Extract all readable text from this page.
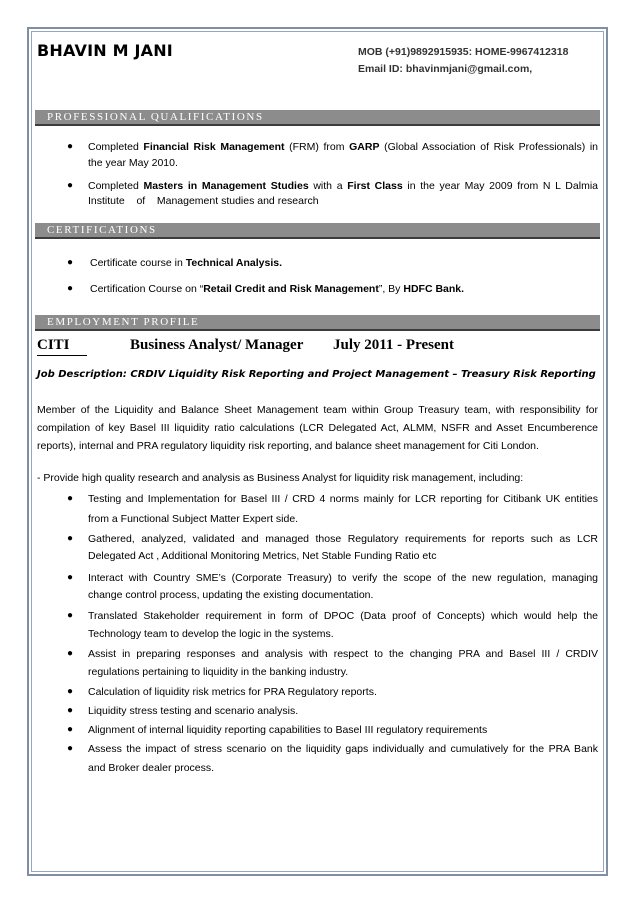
BHAVIN M JANI	MOB (+91)9892915935: HOME-9967412318
Email ID: bhavinmjani@gmail.com,
PROFESSIONAL QUALIFICATIONS
● Completed Financial Risk Management (FRM) from GARP (Global Association of Risk Professionals) in
the year May 2010.
● Completed Masters in Management Studies with a First Class in the year May 2009 from N L Dalmia
Institute    of    Management studies and research
CERTIFICATIONS
● Certificate course in Technical Analysis.
● Certification Course on “Retail Credit and Risk Management”, By HDFC Bank.
EMPLOYMENT PROFILE
CITI	Business Analyst/ Manager July 2011 - Present
Job Description: CRDIV Liquidity Risk Reporting and Project Management – Treasury Risk Reporting
Member of the Liquidity and Balance Sheet Management team within Group Treasury team, with responsibility for
compilation of key Basel III liquidity ratio calculations (LCR Delegated Act, ALMM, NSFR and Asset Encumberence
reports), internal and PRA regulatory liquidity risk reporting, and balance sheet management for Citi London.
- Provide high quality research and analysis as Business Analyst for liquidity risk management, including:
● Testing and Implementation for Basel III / CRD 4 norms mainly for LCR reporting for Citibank UK entities
from a Functional Subject Matter Expert side.
● Gathered, analyzed, validated and managed those Regulatory requirements for reports such as LCR
Delegated Act , Additional Monitoring Metrics, Net Stable Funding Ratio etc
● Interact with Country SME’s (Corporate Treasury) to verify the scope of the new regulation, managing
change control process, updating the existing documentation.
● Translated Stakeholder requirement in form of DPOC (Data proof of Concepts) which would help the
Technology team to develop the logic in the systems.
● Assist in preparing responses and analysis with respect to the changing PRA and Basel III / CRDIV
regulations pertaining to liquidity in the banking industry.
● Calculation of liquidity risk metrics for PRA Regulatory reports.
● Liquidity stress testing and scenario analysis.
● Alignment of internal liquidity reporting capabilities to Basel III regulatory requirements
● Assess the impact of stress scenario on the liquidity gaps individually and cumulatively for the PRA Bank
and Broker dealer process.
